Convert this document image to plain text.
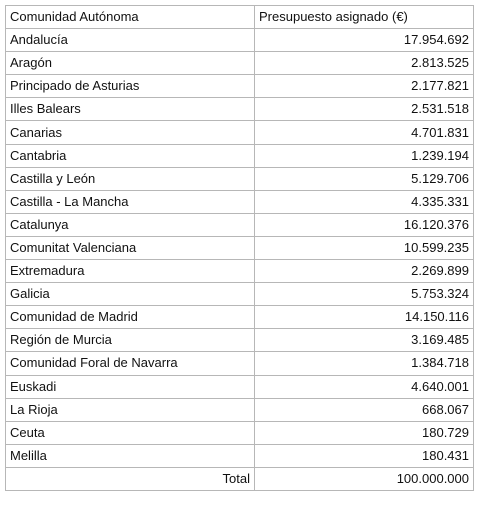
Comunidad Autónoma	Presupuesto asignado (€)
Andalucía	17.954.692
Aragón	2.813.525
Principado de Asturias	2.177.821
Illes Balears	2.531.518
Canarias	4.701.831
Cantabria	1.239.194
Castilla y León	5.129.706
Castilla - La Mancha	4.335.331
Catalunya	16.120.376
Comunitat Valenciana	10.599.235
Extremadura	2.269.899
Galicia	5.753.324
Comunidad de Madrid	14.150.116
Región de Murcia	3.169.485
Comunidad Foral de Navarra	1.384.718
Euskadi	4.640.001
La Rioja	668.067
Ceuta	180.729
Melilla	180.431
Total	100.000.000
